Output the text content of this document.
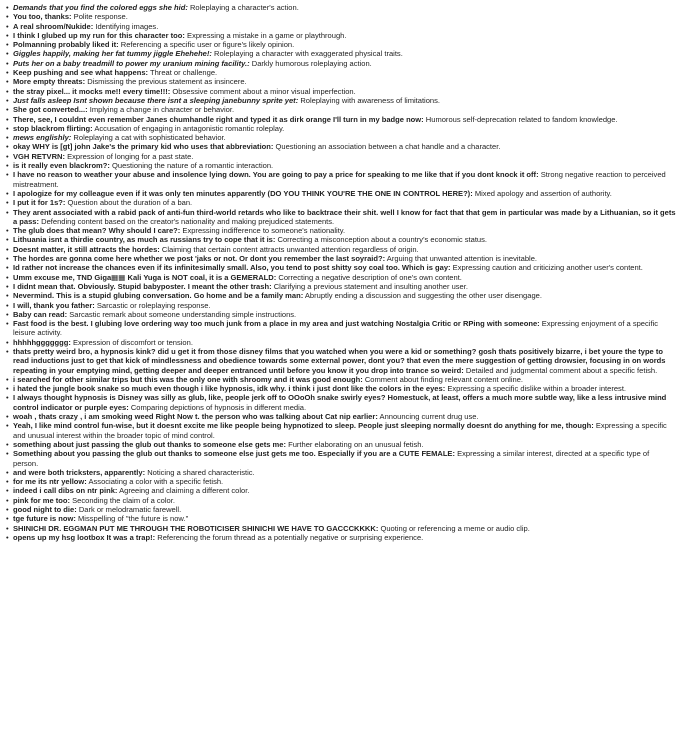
• Demands that you find the colored eggs she hid: Roleplaying a character's action.
• You too, thanks: Polite response.
• A real shroom/Nukide: Identifying images.
• I think I glubed up my run for this character too: Expressing a mistake in a game or playthrough.
• Polmanning probably liked it: Referencing a specific user or figure's likely opinion.
• Giggles happily, making her fat tummy jiggle Ehehehe!: Roleplaying a character with exaggerated physical traits.
• Puts her on a baby treadmill to power my uranium mining facility.: Darkly humorous roleplaying action.
• Keep pushing and see what happens: Threat or challenge.
• More empty threats: Dismissing the previous statement as insincere.
• the stray pixel... it mocks me!! every time!!!: Obsessive comment about a minor visual imperfection.
• Just falls asleep Isnt shown because there isnt a sleeping janebunny sprite yet: Roleplaying with awareness of limitations.
• She got converted...: Implying a change in character or behavior.
• There, see, I couldnt even remember Janes chumhandle right and typed it as dirk orange I'll turn in my badge now: Humorous self-deprecation related to fandom knowledge.
• stop blackrom flirting: Accusation of engaging in antagonistic romantic roleplay.
• mews englishly: Roleplaying a cat with sophisticated behavior.
• okay WHY is [gt] john Jake's the primary kid who uses that abbreviation: Questioning an association between a chat handle and a character.
• VGH RETVRN: Expression of longing for a past state.
• is it really even blackrom?: Questioning the nature of a romantic interaction.
• I have no reason to weather your abuse and insolence lying down. You are going to pay a price for speaking to me like that if you dont knock it off: Strong negative reaction to perceived mistreatment.
• I apologize for my colleague even if it was only ten minutes apparently (DO YOU THINK YOU'RE THE ONE IN CONTROL HERE?): Mixed apology and assertion of authority.
• I put it for 1s?: Question about the duration of a ban.
• They arent associated with a rabid pack of anti-fun third-world retards who like to backtrace their shit. well I know for fact that that gem in particular was made by a Lithuanian, so it gets a pass: Defending content based on the creator's nationality and making prejudiced statements.
• The glub does that mean? Why should I care?: Expressing indifference to someone's nationality.
• Lithuania isnt a thirdie country, as much as russians try to cope that it is: Correcting a misconception about a country's economic status.
• Doesnt matter, it still attracts the hordes: Claiming that certain content attracts unwanted attention regardless of origin.
• The hordes are gonna come here whether we post 'jaks or not. Or dont you remember the last soyraid?: Arguing that unwanted attention is inevitable.
• Id rather not increase the chances even if its infinitesimally small. Also, you tend to post shitty soy coal too. Which is gay: Expressing caution and criticizing another user's content.
• Umm excuse me, TND Giga▦▦ Kali Yuga is NOT coal, it is a GEMERALD: Correcting a negative description of one's own content.
• I didnt mean that. Obviously. Stupid babyposter. I meant the other trash: Clarifying a previous statement and insulting another user.
• Nevermind. This is a stupid glubing conversation. Go home and be a family man: Abruptly ending a discussion and suggesting the other user disengage.
• I will, thank you father: Sarcastic or roleplaying response.
• Baby can read: Sarcastic remark about someone understanding simple instructions.
• Fast food is the best. I glubing love ordering way too much junk from a place in my area and just watching Nostalgia Critic or RPing with someone: Expressing enjoyment of a specific leisure activity.
• hhhhhggggggg: Expression of discomfort or tension.
• thats pretty weird bro, a hypnosis kink? did u get it from those disney films that you watched when you were a kid or something? gosh thats positively bizarre, i bet youre the type to read inductions just to get that kick of mindlessness and obedience towards some external power, dont you? that even the mere suggestion of getting drowsier, focusing in on words repeating in your emptying mind, getting deeper and deeper entranced until before you know it you drop into trance so weird: Detailed and judgmental comment about a specific fetish.
• i searched for other similar trips but this was the only one with shroomy and it was good enough: Comment about finding relevant content online.
• i hated the jungle book snake so much even though i like hypnosis, idk why. i think i just dont like the colors in the eyes: Expressing a specific dislike within a broader interest.
• I always thought hypnosis is Disney was silly as glub, like, people jerk off to OOoOh snake swirly eyes? Homestuck, at least, offers a much more subtle way, like a less intrusive mind control indicator or purple eyes: Comparing depictions of hypnosis in different media.
• woah , thats crazy , i am smoking weed Right Now t. the person who was talking about Cat nip earlier: Announcing current drug use.
• Yeah, I like mind control fun-wise, but it doesnt excite me like people being hypnotized to sleep. People just sleeping normally doesnt do anything for me, though: Expressing a specific and unusual interest within the broader topic of mind control.
• something about just passing the glub out thanks to someone else gets me: Further elaborating on an unusual fetish.
• Something about you passing the glub out thanks to someone else just gets me too. Especially if you are a CUTE FEMALE: Expressing a similar interest, directed at a specific type of person.
• and were both tricksters, apparently: Noticing a shared characteristic.
• for me its ntr yellow: Associating a color with a specific fetish.
• indeed i call dibs on ntr pink: Agreeing and claiming a different color.
• pink for me too: Seconding the claim of a color.
• good night to die: Dark or melodramatic farewell.
• tge future is now: Misspelling of "the future is now."
• SHINICHI DR. EGGMAN PUT ME THROUGH THE ROBOTICISER SHINICHI WE HAVE TO GACCCKKKK: Quoting or referencing a meme or audio clip.
• opens up my hsg lootbox It was a trap!: Referencing the forum thread as a potentially negative or surprising experience.
